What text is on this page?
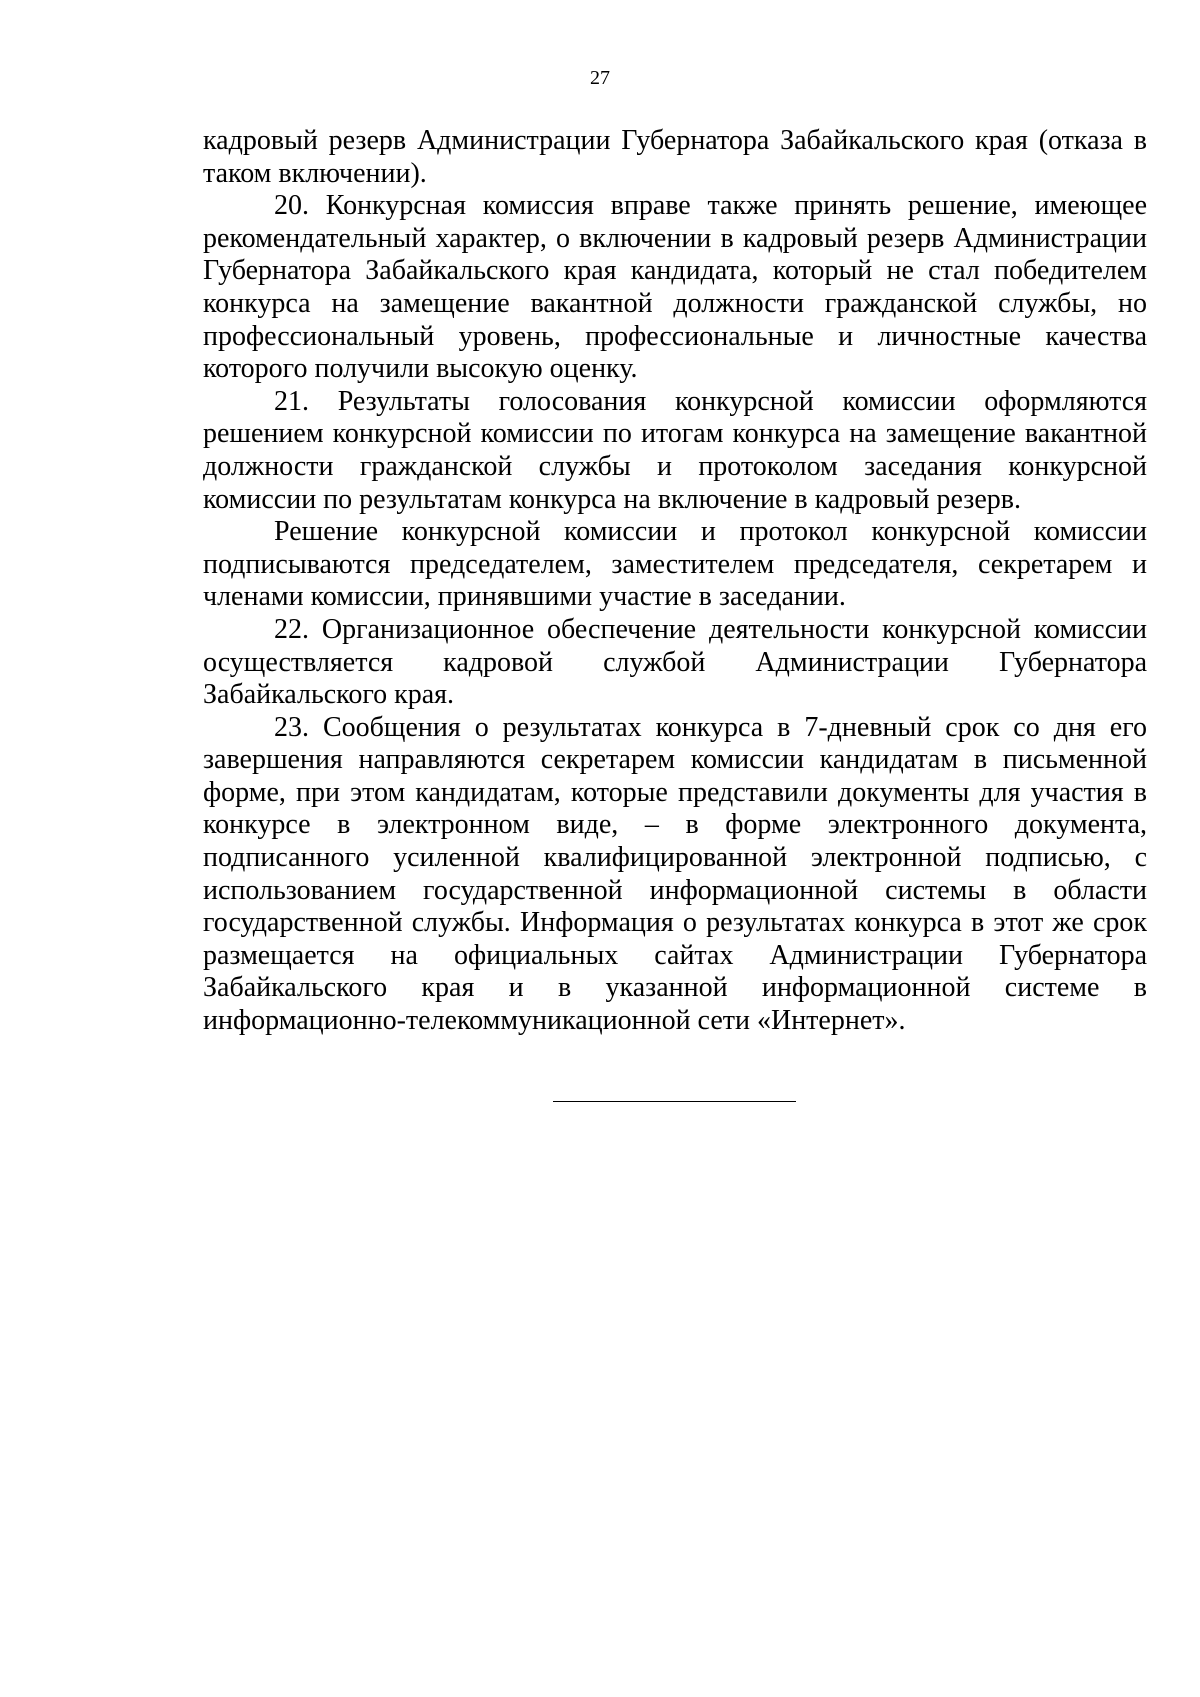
27

кадровый резерв Администрации Губернатора Забайкальского края (отказа в таком включении).

20. Конкурсная комиссия вправе также принять решение, имеющее рекомендательный характер, о включении в кадровый резерв Администрации Губернатора Забайкальского края кандидата, который не стал победителем конкурса на замещение вакантной должности гражданской службы, но профессиональный уровень, профессиональные и личностные качества которого получили высокую оценку.

21. Результаты голосования конкурсной комиссии оформляются решением конкурсной комиссии по итогам конкурса на замещение вакантной должности гражданской службы и протоколом заседания конкурсной комиссии по результатам конкурса на включение в кадровый резерв.

Решение конкурсной комиссии и протокол конкурсной комиссии подписываются председателем, заместителем председателя, секретарем и членами комиссии, принявшими участие в заседании.

22. Организационное обеспечение деятельности конкурсной комиссии осуществляется кадровой службой Администрации Губернатора Забайкальского края.

23. Сообщения о результатах конкурса в 7-дневный срок со дня его завершения направляются секретарем комиссии кандидатам в письменной форме, при этом кандидатам, которые представили документы для участия в конкурсе в электронном виде, – в форме электронного документа, подписанного усиленной квалифицированной электронной подписью, с использованием государственной информационной системы в области государственной службы. Информация о результатах конкурса в этот же срок размещается на официальных сайтах Администрации Губернатора Забайкальского края и в указанной информационной системе в информационно-телекоммуникационной сети «Интернет».
